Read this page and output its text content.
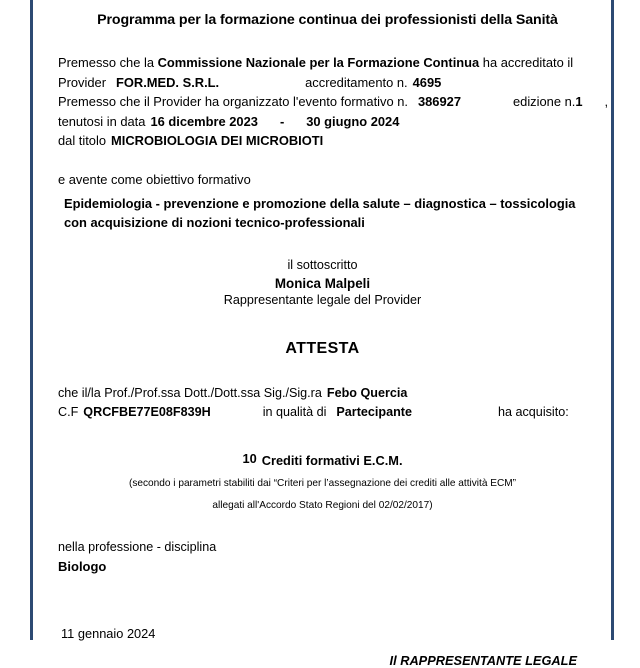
Programma per la formazione continua dei professionisti della Sanità
Premesso che la Commissione Nazionale per la Formazione Continua ha accreditato il
Provider FOR.MED. S.R.L.	accreditamento n. 4695
Premesso che il Provider ha organizzato l'evento formativo n. 386927	edizione n.1 ,
tenutosi in data 16 dicembre 2023 - 30 giugno 2024
dal titolo MICROBIOLOGIA DEI MICROBIOTI
e avente come obiettivo formativo
Epidemiologia - prevenzione e promozione della salute – diagnostica – tossicologia
con acquisizione di nozioni tecnico-professionali
il sottoscritto
Monica Malpeli
Rappresentante legale del Provider
ATTESTA
che il/la Prof./Prof.ssa Dott./Dott.ssa Sig./Sig.ra Febo Quercia
C.F QRCFBE77E08F839H	in qualità di Partecipante	ha acquisito:
10 Crediti formativi E.C.M.
(secondo i parametri stabiliti dai “Criteri per l’assegnazione dei crediti alle attività ECM”
allegati all'Accordo Stato Regioni del 02/02/2017)
nella professione - disciplina
Biologo
11 gennaio 2024
Il RAPPRESENTANTE LEGALE
